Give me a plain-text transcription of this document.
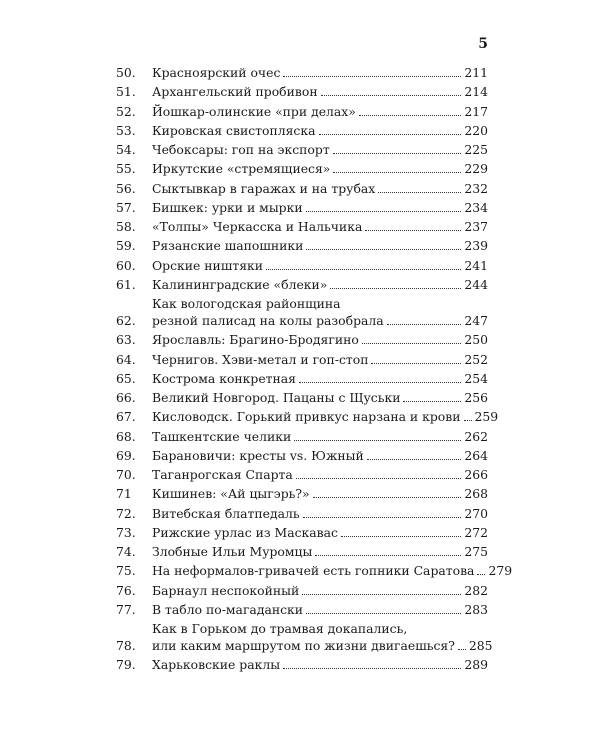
5
50.	Красноярский очес	211
51.	Архангельский пробивон	214
52.	Йошкар-олинские «при делах»	217
53.	Кировская свистопляска	220
54.	Чебоксары: гоп на экспорт	225
55.	Иркутские «стремящиеся»	229
56.	Сыктывкар в гаражах и на трубах	232
57.	Бишкек: урки и мырки	234
58.	«Толпы» Черкасска и Нальчика	237
59.	Рязанские шапошники	239
60.	Орские ништяки	241
61.	Калининградские «блеки»	244
62.
Как вологодская районщина
резной палисад на колы разобрала	247
63.	Ярославль: Брагино-Бродягино	250
64.	Чернигов. Хэви-метал и гоп-стоп	252
65.	Кострома конкретная	254
66.	Великий Новгород. Пацаны с Щуськи	256
67.	Кисловодск. Горький привкус нарзана и крови 259
68.	Ташкентские челики	262
69.	Барановичи: кресты vs. Южный	264
70.	Таганрогская Спарта	266
71	Кишинев: «Ай цыгэрь?»	268
72.	Витебская блатпедаль	270
73.	Рижские урлас из Маскавас	272
74.	Злобные Ильи Муромцы	275
75.	На неформалов-гривачей есть гопники Саратова 279
76.	Барнаул неспокойный	282
77.	В табло по-магадански	283
78.
Как в Горьком до трамвая докапались,
или каким маршрутом по жизни двигаешься? 285
79.	Харьковские раклы	289
